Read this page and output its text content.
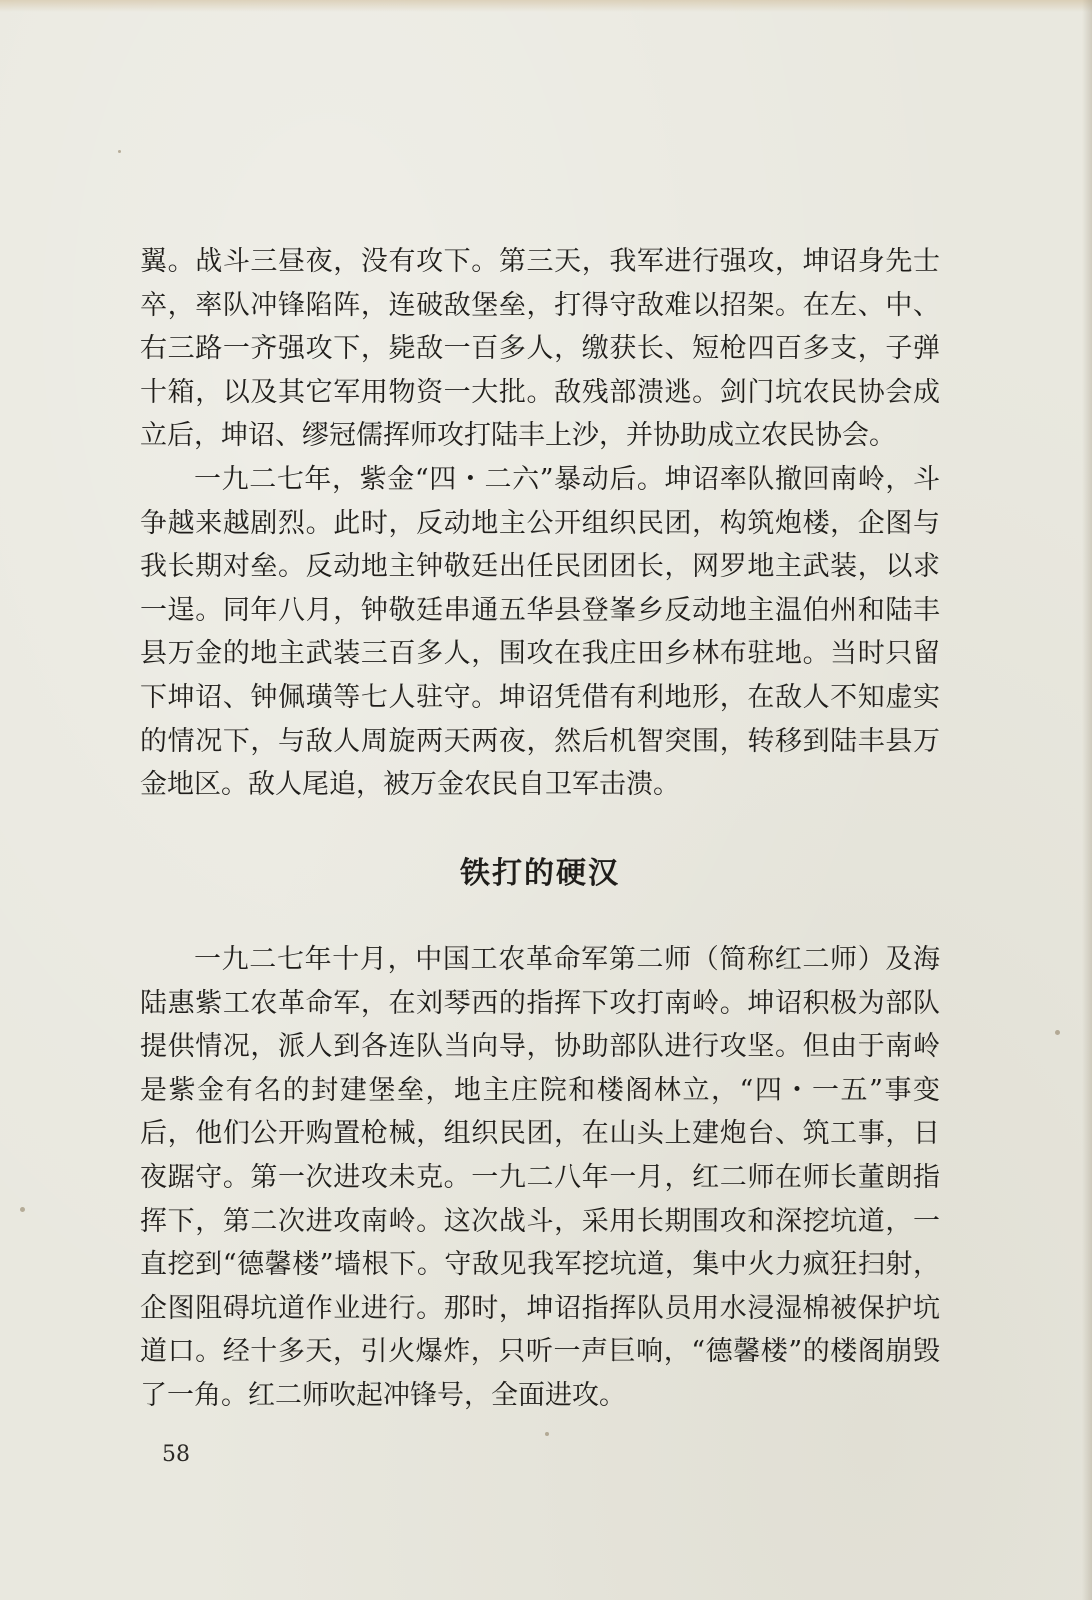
翼。战斗三昼夜，没有攻下。第三天，我军进行强攻，坤诏身先士卒，率队冲锋陷阵，连破敌堡垒，打得守敌难以招架。在左、中、右三路一齐强攻下，毙敌一百多人，缴获长、短枪四百多支，子弹十箱，以及其它军用物资一大批。敌残部溃逃。剑门坑农民协会成立后，坤诏、缪冠儒挥师攻打陆丰上沙，并协助成立农民协会。

一九二七年，紫金“四・二六”暴动后。坤诏率队撤回南岭，斗争越来越剧烈。此时，反动地主公开组织民团，构筑炮楼，企图与我长期对垒。反动地主钟敬廷出任民团团长，网罗地主武装，以求一逞。同年八月，钟敬廷串通五华县登峯乡反动地主温伯州和陆丰县万金的地主武装三百多人，围攻在我庄田乡林布驻地。当时只留下坤诏、钟佩璜等七人驻守。坤诏凭借有利地形，在敌人不知虚实的情况下，与敌人周旋两天两夜，然后机智突围，转移到陆丰县万金地区。敌人尾追，被万金农民自卫军击溃。

铁打的硬汉

一九二七年十月，中国工农革命军第二师（简称红二师）及海陆惠紫工农革命军，在刘琴西的指挥下攻打南岭。坤诏积极为部队提供情况，派人到各连队当向导，协助部队进行攻坚。但由于南岭是紫金有名的封建堡垒，地主庄院和楼阁林立，“四・一五”事变后，他们公开购置枪械，组织民团，在山头上建炮台、筑工事，日夜踞守。第一次进攻未克。一九二八年一月，红二师在师长董朗指挥下，第二次进攻南岭。这次战斗，采用长期围攻和深挖坑道，一直挖到“德馨楼”墙根下。守敌见我军挖坑道，集中火力疯狂扫射，企图阻碍坑道作业进行。那时，坤诏指挥队员用水浸湿棉被保护坑道口。经十多天，引火爆炸，只听一声巨响，“德馨楼”的楼阁崩毁了一角。红二师吹起冲锋号，全面进攻。

58
